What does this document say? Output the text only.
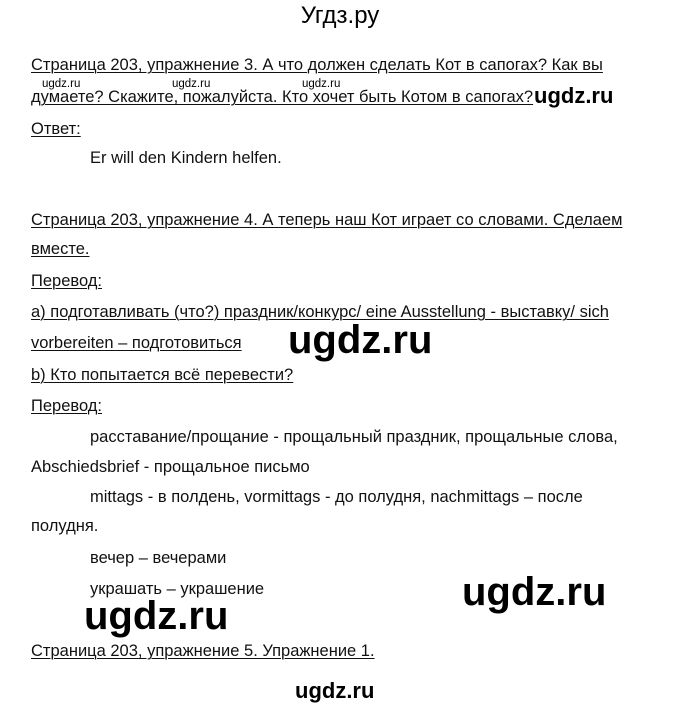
Угдз.ру
Страница 203, упражнение 3. А что должен сделать Кот в сапогах? Как вы
ugdz.ru	ugdz.ru	ugdz.ru
думаете? Скажите, пожалуйста. Кто хочет быть Котом в сапогах? ugdz.ru
Ответ:
Er will den Kindern helfen.
Страница 203, упражнение 4. А теперь наш Кот играет со словами. Сделаем
вместе.
Перевод:
a) подготавливать (что?) праздник/конкурс/ eine Ausstellung - выставку/ sich
vorbereiten – подготовиться ugdz.ru
b) Кто попытается всё перевести?
Перевод:
расставание/прощание - прощальный праздник, прощальные слова,
Abschiedsbrief - прощальное письмо
mittags - в полдень, vormittags - до полудня, nachmittags – после
полудня.
вечер – вечерами
украшать – украшение	ugdz.ru
ugdz.ru
Страница 203, упражнение 5. Упражнение 1.
ugdz.ru
